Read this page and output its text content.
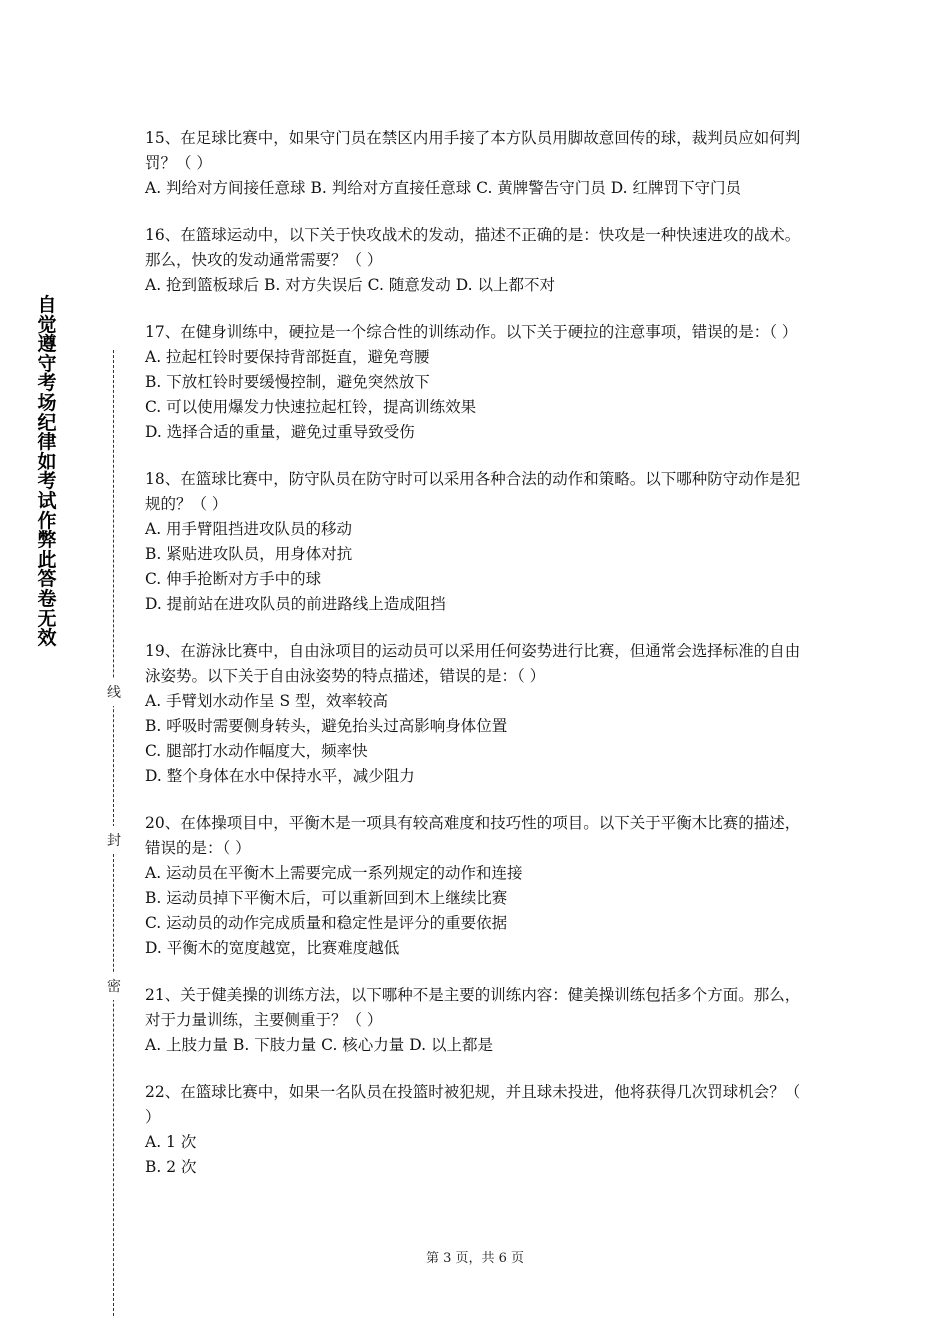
自
觉
遵
守
考
场
纪
律
如
考
试
作
弊
此
答
卷
无
效
线
封
密

15、在足球比赛中，如果守门员在禁区内用手接了本方队员用脚故意回传的球，裁判员应如何判罚？（ ）

A. 判给对方间接任意球 B. 判给对方直接任意球 C. 黄牌警告守门员 D. 红牌罚下守门员

16、在篮球运动中，以下关于快攻战术的发动，描述不正确的是：快攻是一种快速进攻的战术。那么，快攻的发动通常需要？（ ）

A. 抢到篮板球后 B. 对方失误后 C. 随意发动 D. 以上都不对

17、在健身训练中，硬拉是一个综合性的训练动作。以下关于硬拉的注意事项，错误的是：（ ）

A. 拉起杠铃时要保持背部挺直，避免弯腰

B. 下放杠铃时要缓慢控制，避免突然放下

C. 可以使用爆发力快速拉起杠铃，提高训练效果

D. 选择合适的重量，避免过重导致受伤

18、在篮球比赛中，防守队员在防守时可以采用各种合法的动作和策略。以下哪种防守动作是犯规的？（ ）

A. 用手臂阻挡进攻队员的移动

B. 紧贴进攻队员，用身体对抗

C. 伸手抢断对方手中的球

D. 提前站在进攻队员的前进路线上造成阻挡

19、在游泳比赛中，自由泳项目的运动员可以采用任何姿势进行比赛，但通常会选择标准的自由泳姿势。以下关于自由泳姿势的特点描述，错误的是：（ ）

A. 手臂划水动作呈 S 型，效率较高

B. 呼吸时需要侧身转头，避免抬头过高影响身体位置

C. 腿部打水动作幅度大，频率快

D. 整个身体在水中保持水平，减少阻力

20、在体操项目中，平衡木是一项具有较高难度和技巧性的项目。以下关于平衡木比赛的描述，错误的是：（ ）

A. 运动员在平衡木上需要完成一系列规定的动作和连接

B. 运动员掉下平衡木后，可以重新回到木上继续比赛

C. 运动员的动作完成质量和稳定性是评分的重要依据

D. 平衡木的宽度越宽，比赛难度越低

21、关于健美操的训练方法，以下哪种不是主要的训练内容：健美操训练包括多个方面。那么，对于力量训练，主要侧重于？（ ）

A. 上肢力量 B. 下肢力量 C. 核心力量 D. 以上都是

22、在篮球比赛中，如果一名队员在投篮时被犯规，并且球未投进，他将获得几次罚球机会？（ ）

A. 1 次

B. 2 次

第 3 页，共 6 页
